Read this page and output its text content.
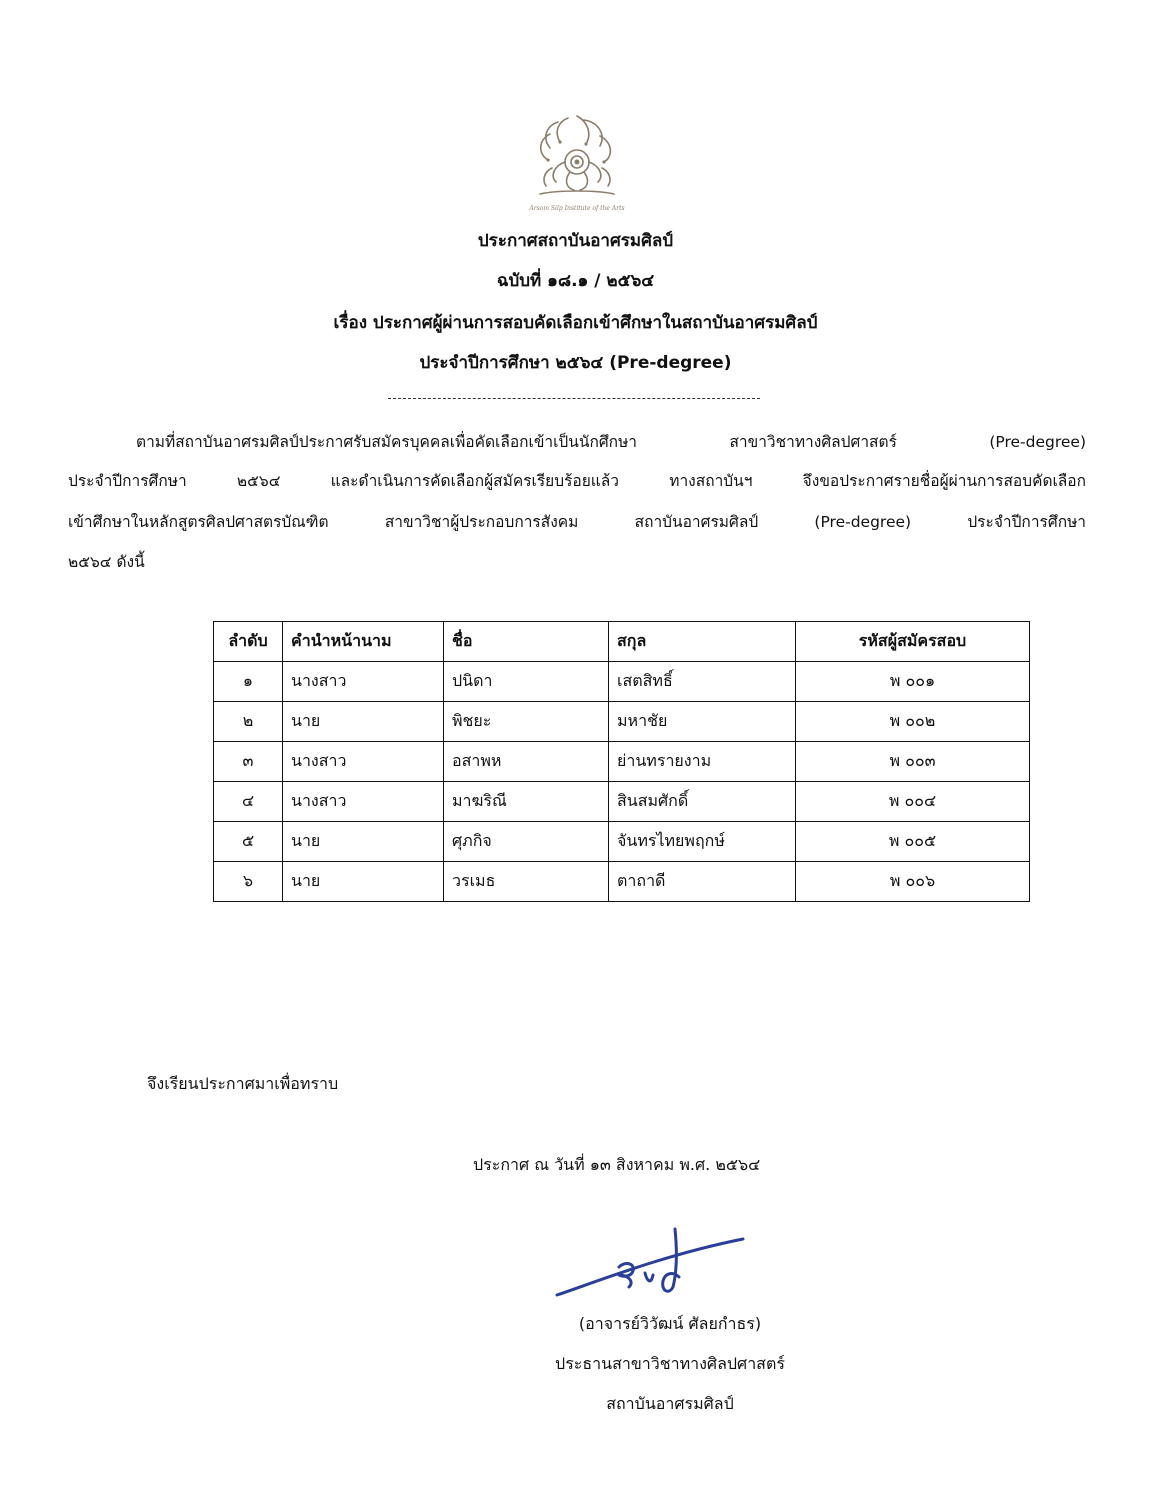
Arsom Silp Institute of the Arts
ประกาศสถาบันอาศรมศิลป์
ฉบับที่ ๑๘.๑ / ๒๕๖๔
เรื่อง ประกาศผู้ผ่านการสอบคัดเลือกเข้าศึกษาในสถาบันอาศรมศิลป์
ประจำปีการศึกษา ๒๕๖๔ (Pre-degree)
ตามที่สถาบันอาศรมศิลป์ประกาศรับสมัครบุคคลเพื่อคัดเลือกเข้าเป็นนักศึกษา สาขาวิชาทางศิลปศาสตร์ (Pre-degree)
ประจำปีการศึกษา ๒๕๖๔ และดำเนินการคัดเลือกผู้สมัครเรียบร้อยแล้ว ทางสถาบันฯ จึงขอประกาศรายชื่อผู้ผ่านการสอบคัดเลือก
เข้าศึกษาในหลักสูตรศิลปศาสตรบัณฑิต สาขาวิชาผู้ประกอบการสังคม สถาบันอาศรมศิลป์ (Pre-degree) ประจำปีการศึกษา
๒๕๖๔ ดังนี้
ลำดับ	คำนำหน้านาม	ชื่อ	สกุล	รหัสผู้สมัครสอบ
๑	นางสาว	ปนิดา	เสตสิทธิ์	พ ๐๐๑
๒	นาย	พิชยะ	มหาชัย	พ ๐๐๒
๓	นางสาว	อสาพห	ย่านทรายงาม	พ ๐๐๓
๔	นางสาว	มาฆริณี	สินสมศักดิ์	พ ๐๐๔
๕	นาย	ศุภกิจ	จันทรไทยพฤกษ์	พ ๐๐๕
๖	นาย	วรเมธ	ตาถาดี	พ ๐๐๖
จึงเรียนประกาศมาเพื่อทราบ
ประกาศ ณ วันที่ ๑๓ สิงหาคม พ.ศ. ๒๕๖๔
(อาจารย์วิวัฒน์ ศัลยกำธร)
ประธานสาขาวิชาทางศิลปศาสตร์
สถาบันอาศรมศิลป์
